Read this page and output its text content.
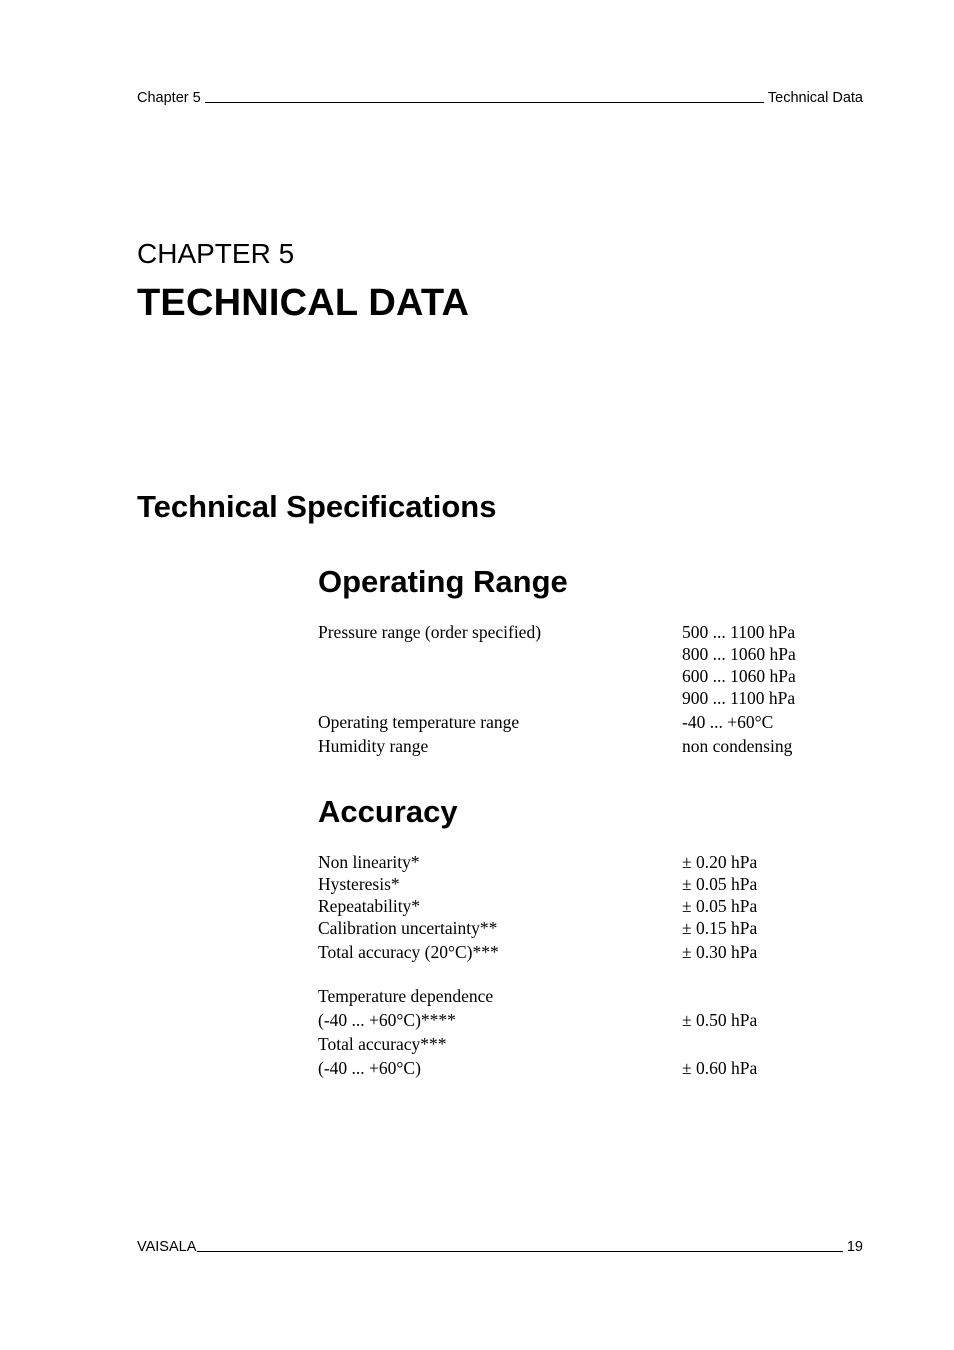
Chapter 5	Technical Data
CHAPTER 5
TECHNICAL DATA
Technical Specifications
Operating Range
Pressure range (order specified)	500 ... 1100 hPa
800 ... 1060 hPa
600 ... 1060 hPa
900 ... 1100 hPa
Operating temperature range	-40 ... +60°C
Humidity range	non condensing
Accuracy
Non linearity*	± 0.20 hPa
Hysteresis*	± 0.05 hPa
Repeatability*	± 0.05 hPa
Calibration uncertainty**	± 0.15 hPa
Total accuracy (20°C)***	± 0.30 hPa
Temperature dependence
(-40 ... +60°C)****	± 0.50 hPa
Total accuracy***
(-40 ... +60°C)	± 0.60 hPa
VAISALA	19
